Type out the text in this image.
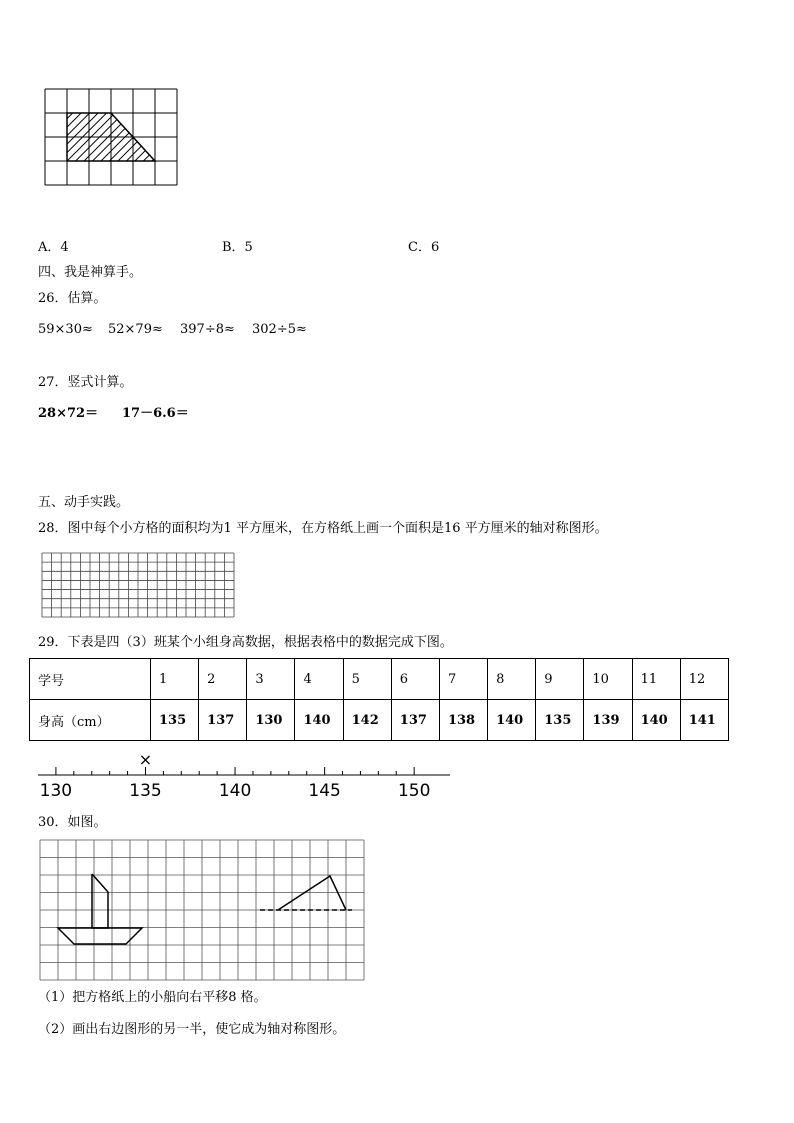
A．4	B．5	C．6
四、我是神算手。
26．估算。
59×30≈ 52×79≈ 397÷8≈ 302÷5≈
27．竖式计算。
28×72＝ 17－6.6＝
五、动手实践。
28．图中每个小方格的面积均为1 平方厘米，在方格纸上画一个面积是16 平方厘米的轴对称图形。
29．下表是四（3）班某个小组身高数据，根据表格中的数据完成下图。
学号	1	2	3	4	5	6	7	8	9	10	11	12
身高（cm）	135	137	130	140	142	137	138	140	135	139	140	141
130	135	140	145	150
×
30．如图。
（1）把方格纸上的小船向右平移8 格。
（2）画出右边图形的另一半，使它成为轴对称图形。
